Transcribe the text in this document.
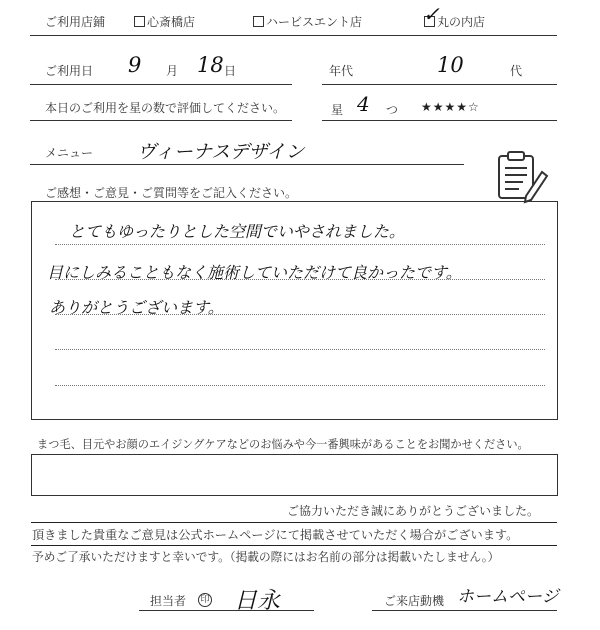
ご利用店鋪	心斎橋店	ハービスエント店	丸の内店
✓
ご利用日 9 月 18 日	年代	10	代
本日のご利用を星の数で評価してください。	星 4 つ ★★★★☆
メニュー ヴィーナスデザイン
ご感想・ご意見・ご質問等をご記入ください。
とてもゆったりとした空間でいやされました。
目にしみることもなく施術していただけて良かったです。
ありがとうございます。
まつ毛、目元やお顔のエイジングケアなどのお悩みや今一番興味があることをお聞かせください。
ご協力いただき誠にありがとうございました。
頂きました貴重なご意見は公式ホームページにて掲載させていただく場合がございます。
予めご了承いただけますと幸いです。（掲載の際にはお名前の部分は掲載いたしません。）
担当者 印 日永	ご来店動機 ホームページ
